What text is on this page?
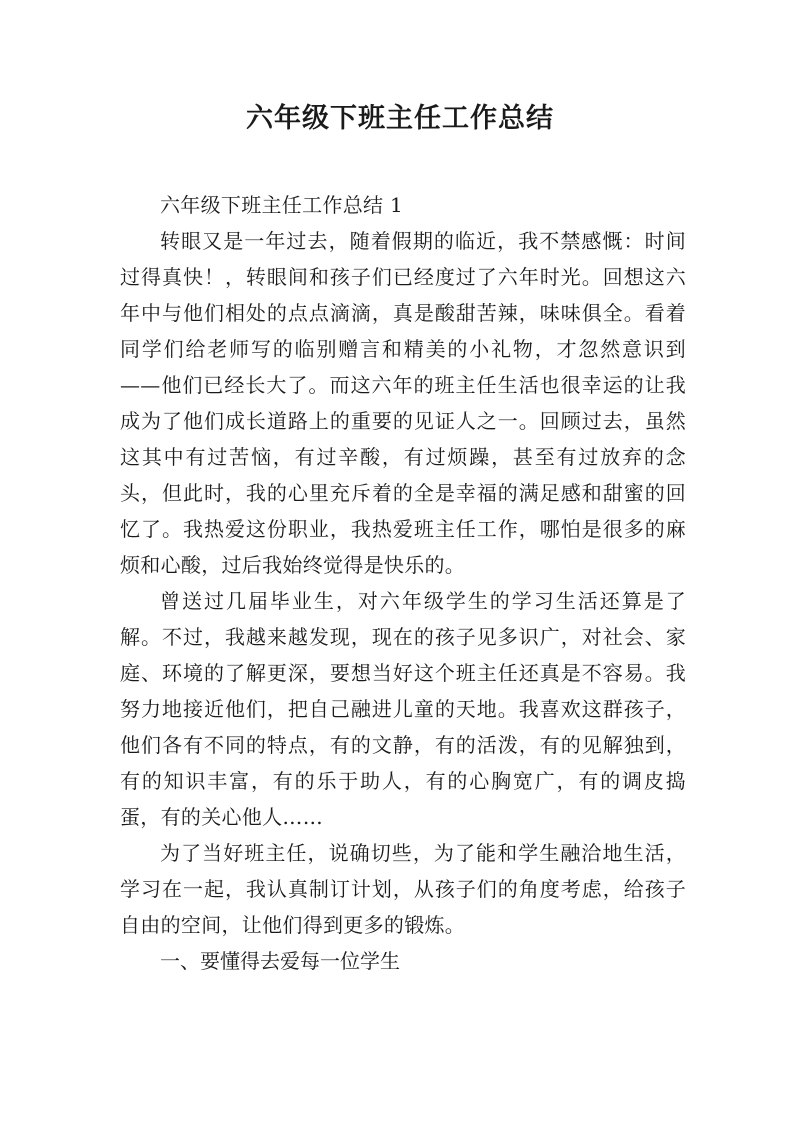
六年级下班主任工作总结

六年级下班主任工作总结 1

转眼又是一年过去，随着假期的临近，我不禁感慨：时间过得真快！，转眼间和孩子们已经度过了六年时光。回想这六年中与他们相处的点点滴滴，真是酸甜苦辣，味味俱全。看着同学们给老师写的临别赠言和精美的小礼物，才忽然意识到——他们已经长大了。而这六年的班主任生活也很幸运的让我成为了他们成长道路上的重要的见证人之一。回顾过去，虽然这其中有过苦恼，有过辛酸，有过烦躁，甚至有过放弃的念头，但此时，我的心里充斥着的全是幸福的满足感和甜蜜的回忆了。我热爱这份职业，我热爱班主任工作，哪怕是很多的麻烦和心酸，过后我始终觉得是快乐的。

曾送过几届毕业生，对六年级学生的学习生活还算是了解。不过，我越来越发现，现在的孩子见多识广，对社会、家庭、环境的了解更深，要想当好这个班主任还真是不容易。我努力地接近他们，把自己融进儿童的天地。我喜欢这群孩子，他们各有不同的特点，有的文静，有的活泼，有的见解独到，有的知识丰富，有的乐于助人，有的心胸宽广，有的调皮捣蛋，有的关心他人……

为了当好班主任，说确切些，为了能和学生融洽地生活，学习在一起，我认真制订计划，从孩子们的角度考虑，给孩子自由的空间，让他们得到更多的锻炼。

一、要懂得去爱每一位学生
